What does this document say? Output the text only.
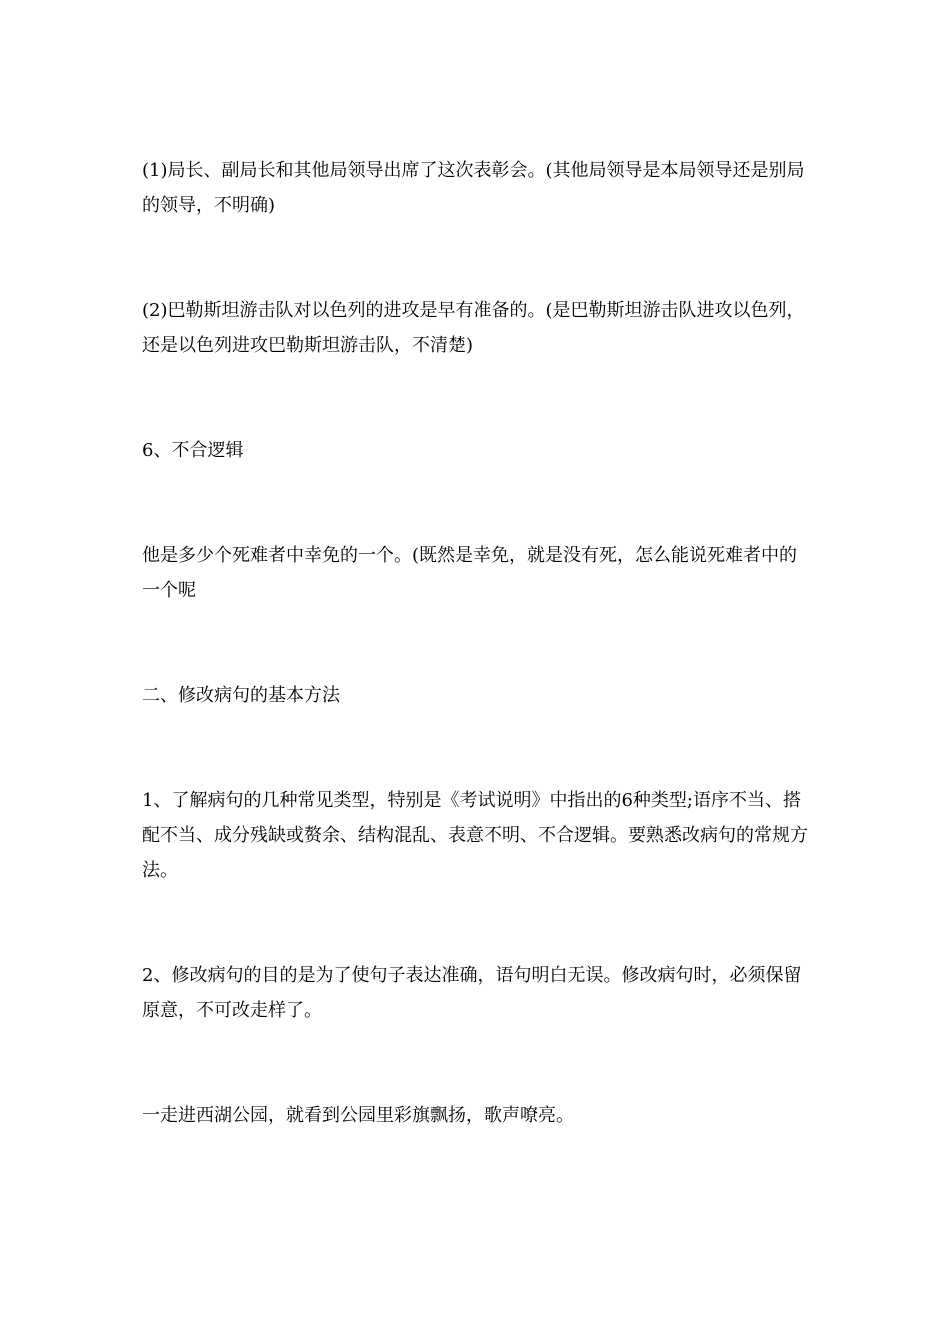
(1)局长、副局长和其他局领导出席了这次表彰会。(其他局领导是本局领导还是别局的领导，不明确)

(2)巴勒斯坦游击队对以色列的进攻是早有准备的。(是巴勒斯坦游击队进攻以色列，还是以色列进攻巴勒斯坦游击队，不清楚)

6、不合逻辑

他是多少个死难者中幸免的一个。(既然是幸免，就是没有死，怎么能说死难者中的一个呢

二、修改病句的基本方法

1、了解病句的几种常见类型，特别是《考试说明》中指出的6种类型;语序不当、搭配不当、成分残缺或赘余、结构混乱、表意不明、不合逻辑。要熟悉改病句的常规方法。

2、修改病句的目的是为了使句子表达准确，语句明白无误。修改病句时，必须保留原意，不可改走样了。

一走进西湖公园，就看到公园里彩旗飘扬，歌声嘹亮。
